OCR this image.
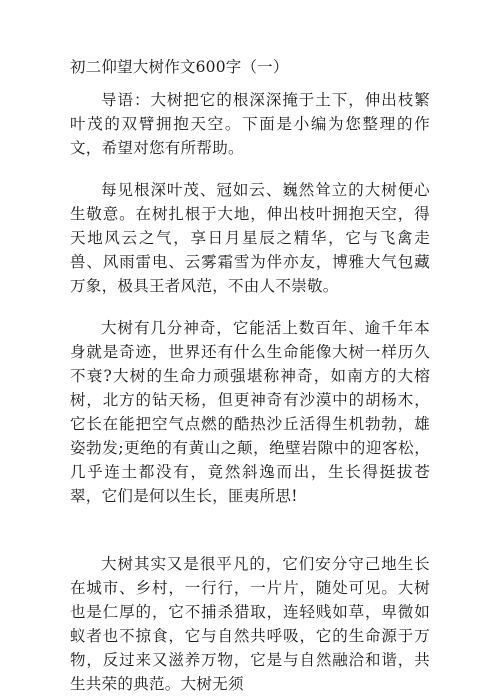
初二仰望大树作文600字（一）

导语：大树把它的根深深掩于土下，伸出枝繁叶茂的双臂拥抱天空。下面是小编为您整理的作文，希望对您有所帮助。

每见根深叶茂、冠如云、巍然耸立的大树便心生敬意。在树扎根于大地，伸出枝叶拥抱天空，得天地风云之气，享日月星辰之精华，它与飞禽走兽、风雨雷电、云雾霜雪为伴亦友，博雅大气包藏万象，极具王者风范，不由人不崇敬。

大树有几分神奇，它能活上数百年、逾千年本身就是奇迹，世界还有什么生命能像大树一样历久不衰?大树的生命力顽强堪称神奇，如南方的大榕树，北方的钻天杨，但更神奇有沙漠中的胡杨木，它长在能把空气点燃的酷热沙丘活得生机勃勃，雄姿勃发;更绝的有黄山之颠，绝壁岩隙中的迎客松，几乎连土都没有，竟然斜逸而出，生长得挺拔苍翠，它们是何以生长，匪夷所思!

大树其实又是很平凡的，它们安分守己地生长在城市、乡村，一行行，一片片，随处可见。大树也是仁厚的，它不捕杀猎取，连轻贱如草，卑微如蚁者也不掠食，它与自然共呼吸，它的生命源于万物，反过来又滋养万物，它是与自然融洽和谐，共生共荣的典范。大树无须
